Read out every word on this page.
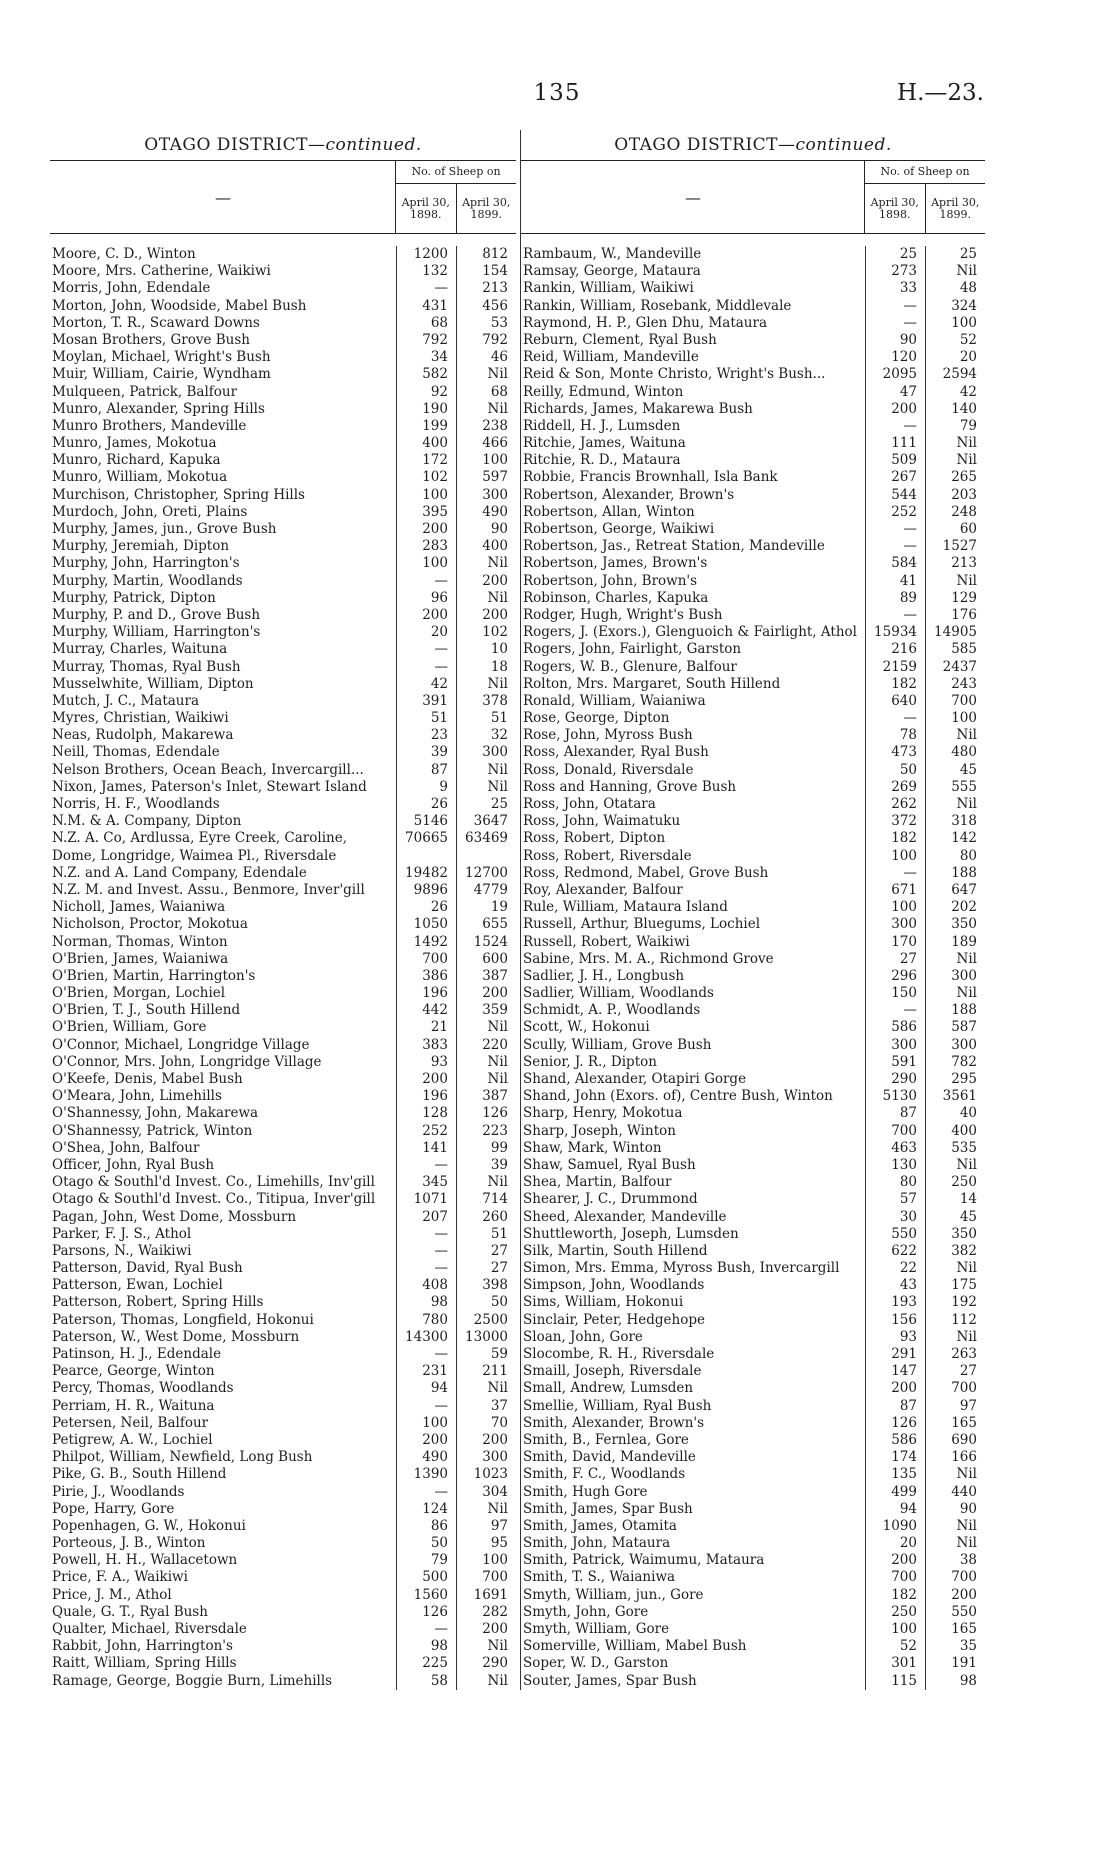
135	H.—23.
OTAGO DISTRICT—continued.
—
No. of Sheep on
April 30, 1898.
April 30, 1899.
Moore, C. D., Winton	1200	812
Moore, Mrs. Catherine, Waikiwi	132	154
Morris, John, Edendale	—	213
Morton, John, Woodside, Mabel Bush	431	456
Morton, T. R., Scaward Downs	68	53
Mosan Brothers, Grove Bush	792	792
Moylan, Michael, Wright's Bush	34	46
Muir, William, Cairie, Wyndham	582	Nil
Mulqueen, Patrick, Balfour	92	68
Munro, Alexander, Spring Hills	190	Nil
Munro Brothers, Mandeville	199	238
Munro, James, Mokotua	400	466
Munro, Richard, Kapuka	172	100
Munro, William, Mokotua	102	597
Murchison, Christopher, Spring Hills	100	300
Murdoch, John, Oreti, Plains	395	490
Murphy, James, jun., Grove Bush	200	90
Murphy, Jeremiah, Dipton	283	400
Murphy, John, Harrington's	100	Nil
Murphy, Martin, Woodlands	—	200
Murphy, Patrick, Dipton	96	Nil
Murphy, P. and D., Grove Bush	200	200
Murphy, William, Harrington's	20	102
Murray, Charles, Waituna	—	10
Murray, Thomas, Ryal Bush	—	18
Musselwhite, William, Dipton	42	Nil
Mutch, J. C., Mataura	391	378
Myres, Christian, Waikiwi	51	51
Neas, Rudolph, Makarewa	23	32
Neill, Thomas, Edendale	39	300
Nelson Brothers, Ocean Beach, Invercargill...	87	Nil
Nixon, James, Paterson's Inlet, Stewart Island	9	Nil
Norris, H. F., Woodlands	26	25
N.M. & A. Company, Dipton	5146	3647
N.Z. A. Co, Ardlussa, Eyre Creek, Caroline,	70665	63469
Dome, Longridge, Waimea Pl., Riversdale
N.Z. and A. Land Company, Edendale	19482	12700
N.Z. M. and Invest. Assu., Benmore, Inver'gill	9896	4779
Nicholl, James, Waianiwa	26	19
Nicholson, Proctor, Mokotua	1050	655
Norman, Thomas, Winton	1492	1524
O'Brien, James, Waianiwa	700	600
O'Brien, Martin, Harrington's	386	387
O'Brien, Morgan, Lochiel	196	200
O'Brien, T. J., South Hillend	442	359
O'Brien, William, Gore	21	Nil
O'Connor, Michael, Longridge Village	383	220
O'Connor, Mrs. John, Longridge Village	93	Nil
O'Keefe, Denis, Mabel Bush	200	Nil
O'Meara, John, Limehills	196	387
O'Shannessy, John, Makarewa	128	126
O'Shannessy, Patrick, Winton	252	223
O'Shea, John, Balfour	141	99
Officer, John, Ryal Bush	—	39
Otago & Southl'd Invest. Co., Limehills, Inv'gill	345	Nil
Otago & Southl'd Invest. Co., Titipua, Inver'gill	1071	714
Pagan, John, West Dome, Mossburn	207	260
Parker, F. J. S., Athol	—	51
Parsons, N., Waikiwi	—	27
Patterson, David, Ryal Bush	—	27
Patterson, Ewan, Lochiel	408	398
Patterson, Robert, Spring Hills	98	50
Paterson, Thomas, Longfield, Hokonui	780	2500
Paterson, W., West Dome, Mossburn	14300	13000
Patinson, H. J., Edendale	—	59
Pearce, George, Winton	231	211
Percy, Thomas, Woodlands	94	Nil
Perriam, H. R., Waituna	—	37
Petersen, Neil, Balfour	100	70
Petigrew, A. W., Lochiel	200	200
Philpot, William, Newfield, Long Bush	490	300
Pike, G. B., South Hillend	1390	1023
Pirie, J., Woodlands	—	304
Pope, Harry, Gore	124	Nil
Popenhagen, G. W., Hokonui	86	97
Porteous, J. B., Winton	50	95
Powell, H. H., Wallacetown	79	100
Price, F. A., Waikiwi	500	700
Price, J. M., Athol	1560	1691
Quale, G. T., Ryal Bush	126	282
Qualter, Michael, Riversdale	—	200
Rabbit, John, Harrington's	98	Nil
Raitt, William, Spring Hills	225	290
Ramage, George, Boggie Burn, Limehills	58	Nil
OTAGO DISTRICT—continued.
—
No. of Sheep on
April 30, 1898.
April 30, 1899.
Rambaum, W., Mandeville	25	25
Ramsay, George, Mataura	273	Nil
Rankin, William, Waikiwi	33	48
Rankin, William, Rosebank, Middlevale	—	324
Raymond, H. P., Glen Dhu, Mataura	—	100
Reburn, Clement, Ryal Bush	90	52
Reid, William, Mandeville	120	20
Reid & Son, Monte Christo, Wright's Bush...	2095	2594
Reilly, Edmund, Winton	47	42
Richards, James, Makarewa Bush	200	140
Riddell, H. J., Lumsden	—	79
Ritchie, James, Waituna	111	Nil
Ritchie, R. D., Mataura	509	Nil
Robbie, Francis Brownhall, Isla Bank	267	265
Robertson, Alexander, Brown's	544	203
Robertson, Allan, Winton	252	248
Robertson, George, Waikiwi	—	60
Robertson, Jas., Retreat Station, Mandeville	—	1527
Robertson, James, Brown's	584	213
Robertson, John, Brown's	41	Nil
Robinson, Charles, Kapuka	89	129
Rodger, Hugh, Wright's Bush	—	176
Rogers, J. (Exors.), Glenguoich & Fairlight, Athol	15934	14905
Rogers, John, Fairlight, Garston	216	585
Rogers, W. B., Glenure, Balfour	2159	2437
Rolton, Mrs. Margaret, South Hillend	182	243
Ronald, William, Waianiwa	640	700
Rose, George, Dipton	—	100
Rose, John, Myross Bush	78	Nil
Ross, Alexander, Ryal Bush	473	480
Ross, Donald, Riversdale	50	45
Ross and Hanning, Grove Bush	269	555
Ross, John, Otatara	262	Nil
Ross, John, Waimatuku	372	318
Ross, Robert, Dipton	182	142
Ross, Robert, Riversdale	100	80
Ross, Redmond, Mabel, Grove Bush	—	188
Roy, Alexander, Balfour	671	647
Rule, William, Mataura Island	100	202
Russell, Arthur, Bluegums, Lochiel	300	350
Russell, Robert, Waikiwi	170	189
Sabine, Mrs. M. A., Richmond Grove	27	Nil
Sadlier, J. H., Longbush	296	300
Sadlier, William, Woodlands	150	Nil
Schmidt, A. P., Woodlands	—	188
Scott, W., Hokonui	586	587
Scully, William, Grove Bush	300	300
Senior, J. R., Dipton	591	782
Shand, Alexander, Otapiri Gorge	290	295
Shand, John (Exors. of), Centre Bush, Winton	5130	3561
Sharp, Henry, Mokotua	87	40
Sharp, Joseph, Winton	700	400
Shaw, Mark, Winton	463	535
Shaw, Samuel, Ryal Bush	130	Nil
Shea, Martin, Balfour	80	250
Shearer, J. C., Drummond	57	14
Sheed, Alexander, Mandeville	30	45
Shuttleworth, Joseph, Lumsden	550	350
Silk, Martin, South Hillend	622	382
Simon, Mrs. Emma, Myross Bush, Invercargill	22	Nil
Simpson, John, Woodlands	43	175
Sims, William, Hokonui	193	192
Sinclair, Peter, Hedgehope	156	112
Sloan, John, Gore	93	Nil
Slocombe, R. H., Riversdale	291	263
Smaill, Joseph, Riversdale	147	27
Small, Andrew, Lumsden	200	700
Smellie, William, Ryal Bush	87	97
Smith, Alexander, Brown's	126	165
Smith, B., Fernlea, Gore	586	690
Smith, David, Mandeville	174	166
Smith, F. C., Woodlands	135	Nil
Smith, Hugh Gore	499	440
Smith, James, Spar Bush	94	90
Smith, James, Otamita	1090	Nil
Smith, John, Mataura	20	Nil
Smith, Patrick, Waimumu, Mataura	200	38
Smith, T. S., Waianiwa	700	700
Smyth, William, jun., Gore	182	200
Smyth, John, Gore	250	550
Smyth, William, Gore	100	165
Somerville, William, Mabel Bush	52	35
Soper, W. D., Garston	301	191
Souter, James, Spar Bush	115	98
